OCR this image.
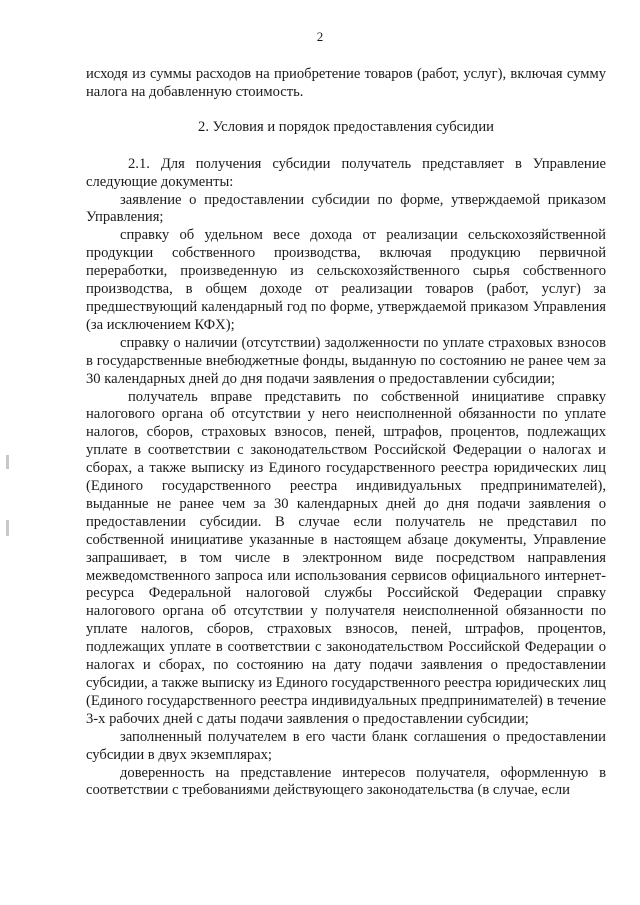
2

исходя из суммы расходов на приобретение товаров (работ, услуг), включая сумму налога на добавленную стоимость.

2. Условия и порядок предоставления субсидии

2.1. Для получения субсидии получатель представляет в Управление следующие документы:

заявление о предоставлении субсидии по форме, утверждаемой приказом Управления;

справку об удельном весе дохода от реализации сельскохозяйственной продукции собственного производства, включая продукцию первичной переработки, произведенную из сельскохозяйственного сырья собственного производства, в общем доходе от реализации товаров (работ, услуг) за предшествующий календарный год по форме, утверждаемой приказом Управления (за исключением КФХ);

справку о наличии (отсутствии) задолженности по уплате страховых взносов в государственные внебюджетные фонды, выданную по состоянию не ранее чем за 30 календарных дней до дня подачи заявления о предоставлении субсидии;

получатель вправе представить по собственной инициативе справку налогового органа об отсутствии у него неисполненной обязанности по уплате налогов, сборов, страховых взносов, пеней, штрафов, процентов, подлежащих уплате в соответствии с законодательством Российской Федерации о налогах и сборах, а также выписку из Единого государственного реестра юридических лиц (Единого государственного реестра индивидуальных предпринимателей), выданные не ранее чем за 30 календарных дней до дня подачи заявления о предоставлении субсидии. В случае если получатель не представил по собственной инициативе указанные в настоящем абзаце документы, Управление запрашивает, в том числе в электронном виде посредством направления межведомственного запроса или использования сервисов официального интернет-ресурса Федеральной налоговой службы Российской Федерации справку налогового органа об отсутствии у получателя неисполненной обязанности по уплате налогов, сборов, страховых взносов, пеней, штрафов, процентов, подлежащих уплате в соответствии с законодательством Российской Федерации о налогах и сборах, по состоянию на дату подачи заявления о предоставлении субсидии, а также выписку из Единого государственного реестра юридических лиц (Единого государственного реестра индивидуальных предпринимателей) в течение 3-х рабочих дней с даты подачи заявления о предоставлении субсидии;

заполненный получателем в его части бланк соглашения о предоставлении субсидии в двух экземплярах;

доверенность на представление интересов получателя, оформленную в соответствии с требованиями действующего законодательства (в случае, если
